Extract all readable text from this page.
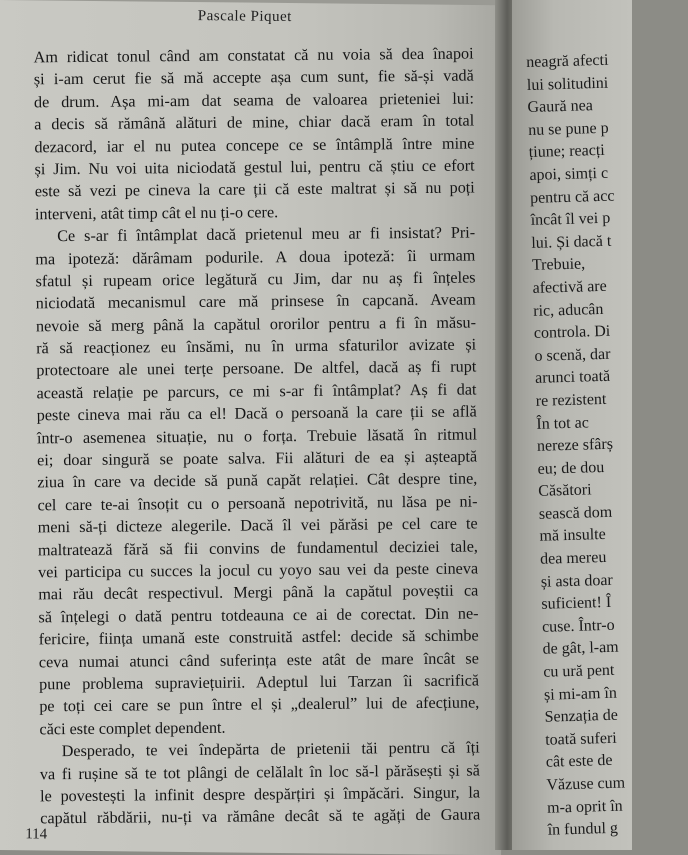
Pascale Piquet
Am ridicat tonul când am constatat că nu voia să dea înapoi
și i-am cerut fie să mă accepte așa cum sunt, fie să-și vadă
de drum. Așa mi-am dat seama de valoarea prieteniei lui:
a decis să rămână alături de mine, chiar dacă eram în total
dezacord, iar el nu putea concepe ce se întâmplă între mine
și Jim. Nu voi uita niciodată gestul lui, pentru că știu ce efort
este să vezi pe cineva la care ții că este maltrat și să nu poți
interveni, atât timp cât el nu ți-o cere.
Ce s-ar fi întâmplat dacă prietenul meu ar fi insistat? Pri-
ma ipoteză: dărâmam podurile. A doua ipoteză: îi urmam
sfatul și rupeam orice legătură cu Jim, dar nu aș fi înțeles
niciodată mecanismul care mă prinsese în capcană. Aveam
nevoie să merg până la capătul ororilor pentru a fi în măsu-
ră să reacționez eu însămi, nu în urma sfaturilor avizate și
protectoare ale unei terțe persoane. De altfel, dacă aș fi rupt
această relație pe parcurs, ce mi s-ar fi întâmplat? Aș fi dat
peste cineva mai rău ca el! Dacă o persoană la care ții se află
într-o asemenea situație, nu o forța. Trebuie lăsată în ritmul
ei; doar singură se poate salva. Fii alături de ea și așteaptă
ziua în care va decide să pună capăt relației. Cât despre tine,
cel care te-ai însoțit cu o persoană nepotrivită, nu lăsa pe ni-
meni să-ți dicteze alegerile. Dacă îl vei părăsi pe cel care te
maltratează fără să fii convins de fundamentul deciziei tale,
vei participa cu succes la jocul cu yoyo sau vei da peste cineva
mai rău decât respectivul. Mergi până la capătul poveștii ca
să înțelegi o dată pentru totdeauna ce ai de corectat. Din ne-
fericire, ființa umană este construită astfel: decide să schimbe
ceva numai atunci când suferința este atât de mare încât se
pune problema supraviețuirii. Adeptul lui Tarzan îi sacrifică
pe toți cei care se pun între el și „dealerul” lui de afecțiune,
căci este complet dependent.
Desperado, te vei îndepărta de prietenii tăi pentru că îți
va fi rușine să te tot plângi de celălalt în loc să-l părăsești și să
le povestești la infinit despre despărțiri și împăcări. Singur, la
capătul răbdării, nu-ți va rămâne decât să te agăți de Gaura
114
neagră afecti
lui solitudini
Gaură nea
nu se pune p
țiune; reacți
apoi, simți c
pentru că acc
încât îl vei p
lui. Și dacă t
Trebuie,
afectivă are
ric, aducân
controla. Di
o scenă, dar
arunci toată
re rezistent
În tot ac
nereze sfârș
eu; de dou
Căsători
sească dom
mă insulte
dea mereu
și asta doar
suficient! Î
cuse. Într-o
de gât, l-am
cu ură pent
și mi-am în
Senzația de
toată suferi
cât este de
Văzuse cum
m-a oprit în
în fundul g
